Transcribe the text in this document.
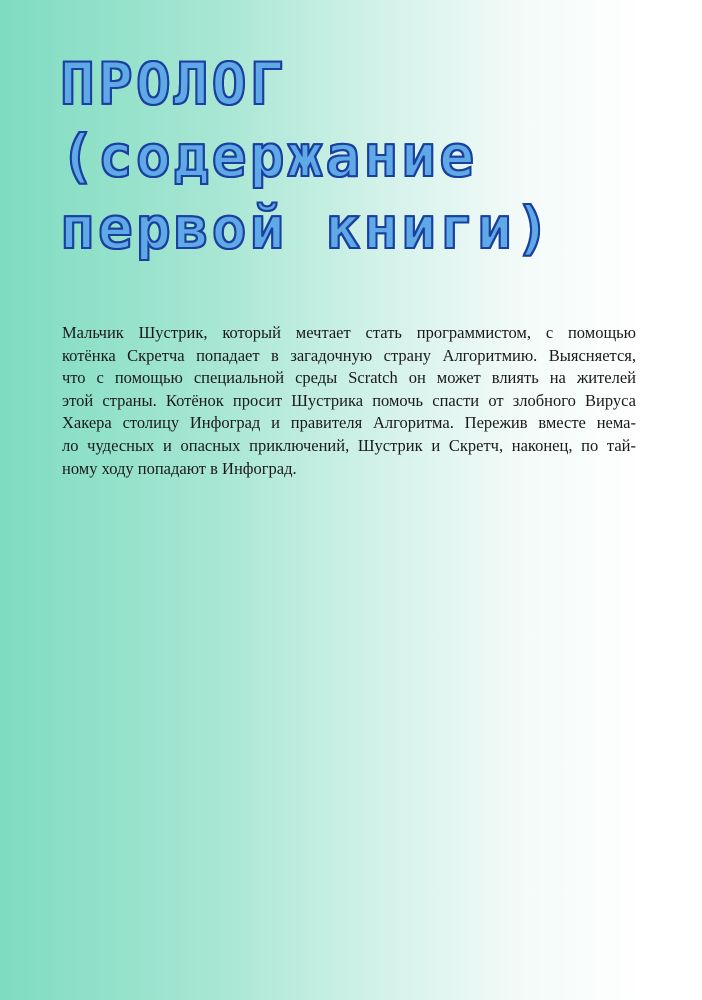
ПРОЛОГ
(содержание
первой книги)

Мальчик Шустрик, который мечтает стать программистом, с помощью
котёнка Скретча попадает в загадочную страну Алгоритмию. Выясняется,
что с помощью специальной среды Scratch он может влиять на жителей
этой страны. Котёнок просит Шустрика помочь спасти от злобного Вируса
Хакера столицу Инфоград и правителя Алгоритма. Пережив вместе нема-
ло чудесных и опасных приключений, Шустрик и Скретч, наконец, по тай-
ному ходу попадают в Инфоград.
